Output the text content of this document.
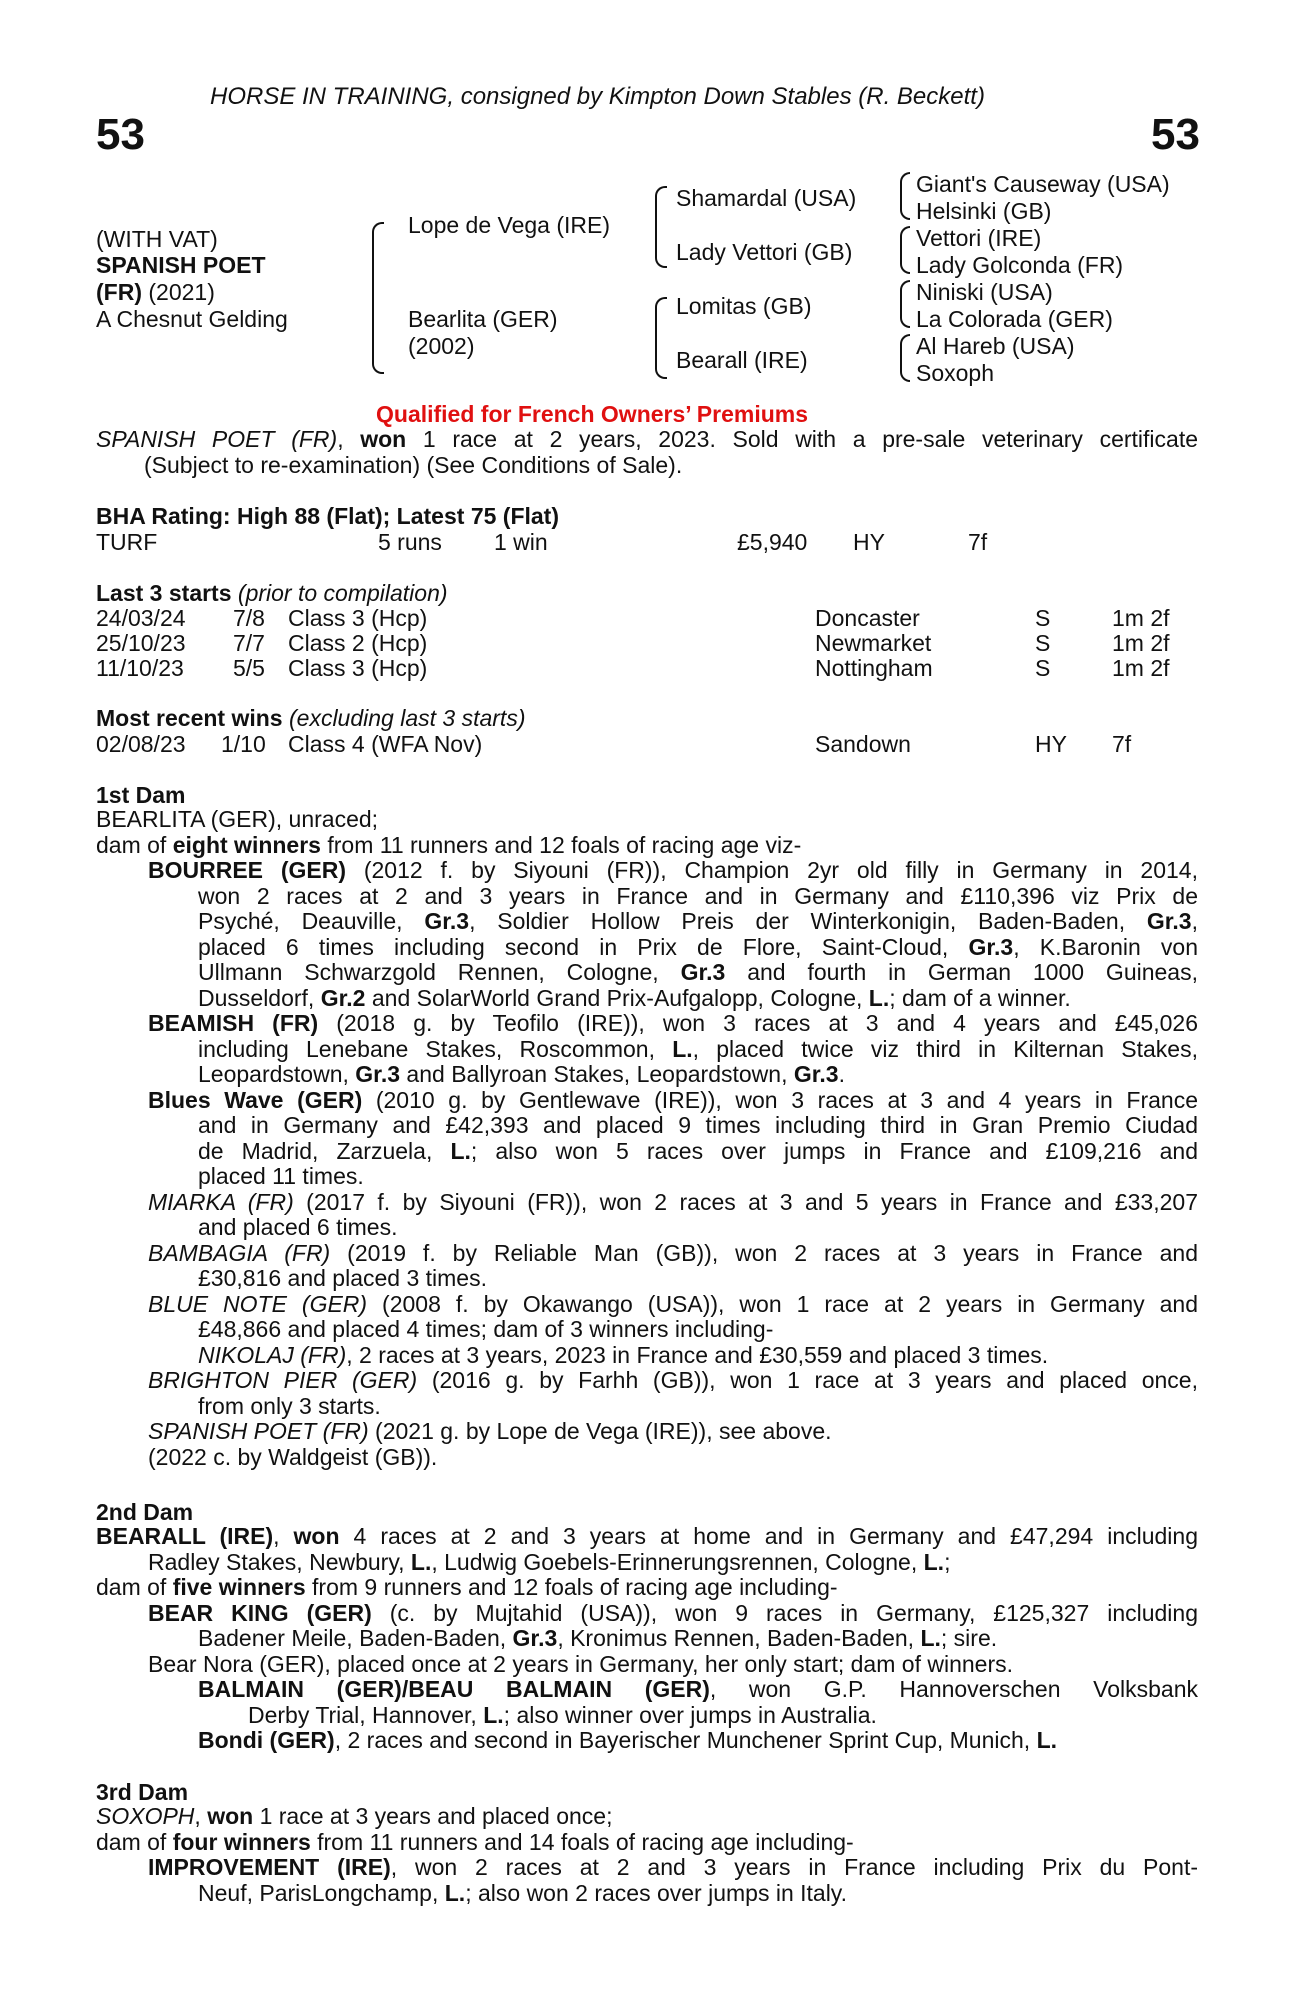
HORSE IN TRAINING, consigned by Kimpton Down Stables (R. Beckett)
53	53
(WITH VAT)
SPANISH POET
(FR) (2021)
A Chesnut Gelding
Lope de Vega (IRE)
Bearlita (GER)
(2002)
Shamardal (USA)
Lady Vettori (GB)
Lomitas (GB)
Bearall (IRE)
Giant's Causeway (USA)
Helsinki (GB)
Vettori (IRE)
Lady Golconda (FR)
Niniski (USA)
La Colorada (GER)
Al Hareb (USA)
Soxoph
Qualified for French Owners’ Premiums
SPANISH POET (FR), won 1 race at 2 years, 2023. Sold with a pre-sale veterinary certificate
(Subject to re-examination) (See Conditions of Sale).
BHA Rating: High 88 (Flat); Latest 75 (Flat)
TURF	5 runs 1 win	£5,940 HY	7f
Last 3 starts (prior to compilation)
24/03/24 7/8 Class 3 (Hcp)	Doncaster	S	1m 2f
25/10/23 7/7 Class 2 (Hcp)	Newmarket	S	1m 2f
11/10/23 5/5 Class 3 (Hcp)	Nottingham	S	1m 2f
Most recent wins (excluding last 3 starts)
02/08/23 1/10 Class 4 (WFA Nov)	Sandown	HY 7f
1st Dam
BEARLITA (GER), unraced;
dam of eight winners from 11 runners and 12 foals of racing age viz-
BOURREE (GER) (2012 f. by Siyouni (FR)), Champion 2yr old filly in Germany in 2014,
won 2 races at 2 and 3 years in France and in Germany and £110,396 viz Prix de
Psyché, Deauville, Gr.3, Soldier Hollow Preis der Winterkonigin, Baden-Baden, Gr.3,
placed 6 times including second in Prix de Flore, Saint-Cloud, Gr.3, K.Baronin von
Ullmann Schwarzgold Rennen, Cologne, Gr.3 and fourth in German 1000 Guineas,
Dusseldorf, Gr.2 and SolarWorld Grand Prix-Aufgalopp, Cologne, L.; dam of a winner.
BEAMISH (FR) (2018 g. by Teofilo (IRE)), won 3 races at 3 and 4 years and £45,026
including Lenebane Stakes, Roscommon, L., placed twice viz third in Kilternan Stakes,
Leopardstown, Gr.3 and Ballyroan Stakes, Leopardstown, Gr.3.
Blues Wave (GER) (2010 g. by Gentlewave (IRE)), won 3 races at 3 and 4 years in France
and in Germany and £42,393 and placed 9 times including third in Gran Premio Ciudad
de Madrid, Zarzuela, L.; also won 5 races over jumps in France and £109,216 and
placed 11 times.
MIARKA (FR) (2017 f. by Siyouni (FR)), won 2 races at 3 and 5 years in France and £33,207
and placed 6 times.
BAMBAGIA (FR) (2019 f. by Reliable Man (GB)), won 2 races at 3 years in France and
£30,816 and placed 3 times.
BLUE NOTE (GER) (2008 f. by Okawango (USA)), won 1 race at 2 years in Germany and
£48,866 and placed 4 times; dam of 3 winners including-
NIKOLAJ (FR), 2 races at 3 years, 2023 in France and £30,559 and placed 3 times.
BRIGHTON PIER (GER) (2016 g. by Farhh (GB)), won 1 race at 3 years and placed once,
from only 3 starts.
SPANISH POET (FR) (2021 g. by Lope de Vega (IRE)), see above.
(2022 c. by Waldgeist (GB)).
2nd Dam
BEARALL (IRE), won 4 races at 2 and 3 years at home and in Germany and £47,294 including
Radley Stakes, Newbury, L., Ludwig Goebels-Erinnerungsrennen, Cologne, L.;
dam of five winners from 9 runners and 12 foals of racing age including-
BEAR KING (GER) (c. by Mujtahid (USA)), won 9 races in Germany, £125,327 including
Badener Meile, Baden-Baden, Gr.3, Kronimus Rennen, Baden-Baden, L.; sire.
Bear Nora (GER), placed once at 2 years in Germany, her only start; dam of winners.
BALMAIN (GER)/BEAU BALMAIN (GER), won G.P. Hannoverschen Volksbank
Derby Trial, Hannover, L.; also winner over jumps in Australia.
Bondi (GER), 2 races and second in Bayerischer Munchener Sprint Cup, Munich, L.
3rd Dam
SOXOPH, won 1 race at 3 years and placed once;
dam of four winners from 11 runners and 14 foals of racing age including-
IMPROVEMENT (IRE), won 2 races at 2 and 3 years in France including Prix du Pont-
Neuf, ParisLongchamp, L.; also won 2 races over jumps in Italy.
